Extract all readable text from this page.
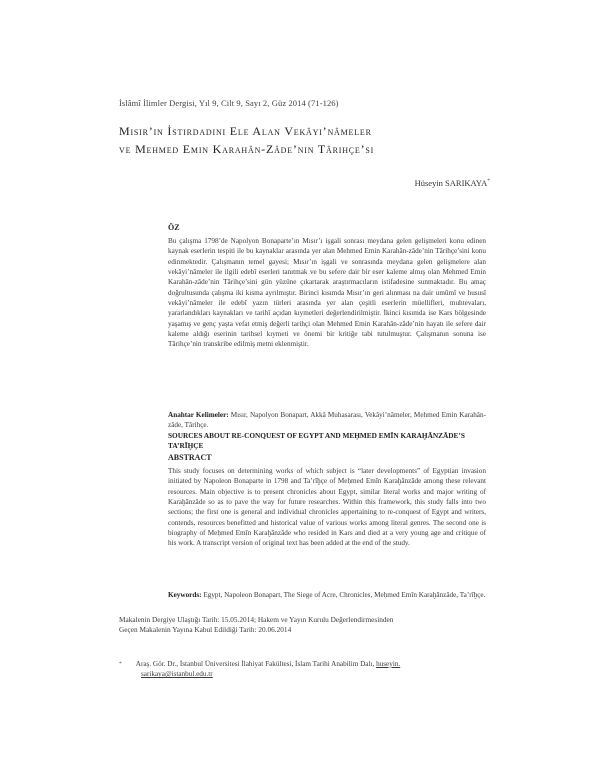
İslâmî İlimler Dergisi, Yıl 9, Cilt 9, Sayı 2, Güz 2014 (71-126)
Mısır’ın İstirdadını Ele Alan Vekâyi’nâmeler
ve Mehmed Emin Karahân-Zâde’nin Târihçe’si
Hüseyin SARIKAYA*
ÖZ
Bu çalışma 1798’de Napolyon Bonaparte’ın Mısır’ı işgali sonrası meydana gelen gelişmeleri konu edinen kaynak eserlerin tespiti ile bu kaynaklar arasında yer alan Mehmed Emin Karahân-zâde’nin Târihçe’sini konu edinmektedir. Çalışmanın temel gayesi; Mısır’ın işgali ve sonrasında meydana gelen gelişmelere alan vekâyi’nâmeler ile ilgili edebî eserleri tanıtmak ve bu sefere dair bir eser kaleme almış olan Mehmed Emin Karahân-zâde’nin Târihçe’sini gün yüzüne çıkartarak araştırmacıların istifadesine sunmaktadır. Bu amaç doğrultusunda çalışma iki kısma ayrılmıştır. Birinci kısımda Mısır’ın geri alınması na dair umûmî ve hususî vekâyi’nâmeler ile edebî yazın türleri arasında yer alan çeşitli eserlerin müellifleri, muhtevaları, yararlandıkları kaynakları ve tarihî açıdan kıymetleri değerlendirilmiştir. İkinci kısımda ise Kars bölgesinde yaşamış ve genç yaşta vefat etmiş değerli tarihçi olan Mehmed Emin Karahân-zâde’nin hayatı ile sefere dair kaleme aldığı eserinin tarihsel kıymeti ve önemi bir kritiğe tabi tutulmuştur. Çalışmanın sonuna ise Târihçe’nin transkribe edilmiş metni eklenmiştir.
Anahtar Kelimeler: Mısır, Napolyon Bonapart, Akkâ Muhasarası, Vekâyi’nâmeler, Mehmed Emin Karahân-zâde, Târihçe.
SOURCES ABOUT RE-CONQUEST OF EGYPT AND MEḤMED EMĪN KARAḪĀNZĀDE’S TA’RĪḪÇE
ABSTRACT
This study focuses on determining works of which subject is “later developments” of Egyptian invasion initiated by Napoleon Bonaparte in 1798 and Ta’rīḫçe of Meḥmed Emīn Karaḫānzāde among these relevant resources. Main objective is to present chronicles about Egypt, similar literal works and major writing of Karaḫānzāde so as to pave the way for future researches. Within this framework, this study falls into two sections; the first one is general and individual chronicles appertaining to re-conquest of Egypt and writers, contends, resources benefitted and historical value of various works among literal genres. The second one is biography of Meḥmed Emīn Karaḫānzāde who resided in Kars and died at a very young age and critique of his work. A transcript version of original text has been added at the end of the study.
Keywords: Egypt, Napoleon Bonapart, The Siege of Acre, Chronicles, Meḥmed Emīn Karaḫānzāde, Ta’rīḫçe.
Makalenin Dergiye Ulaştığı Tarih: 15.05.2014; Hakem ve Yayın Kurulu Değerlendirmesinden
Geçen Makalenin Yayına Kabul Edildiği Tarih: 20.06.2014
* Araş. Gör. Dr., İstanbul Üniversitesi İlahiyat Fakültesi, İslam Tarihi Anabilim Dalı, huseyin.
sarikaya@istanbul.edu.tr
